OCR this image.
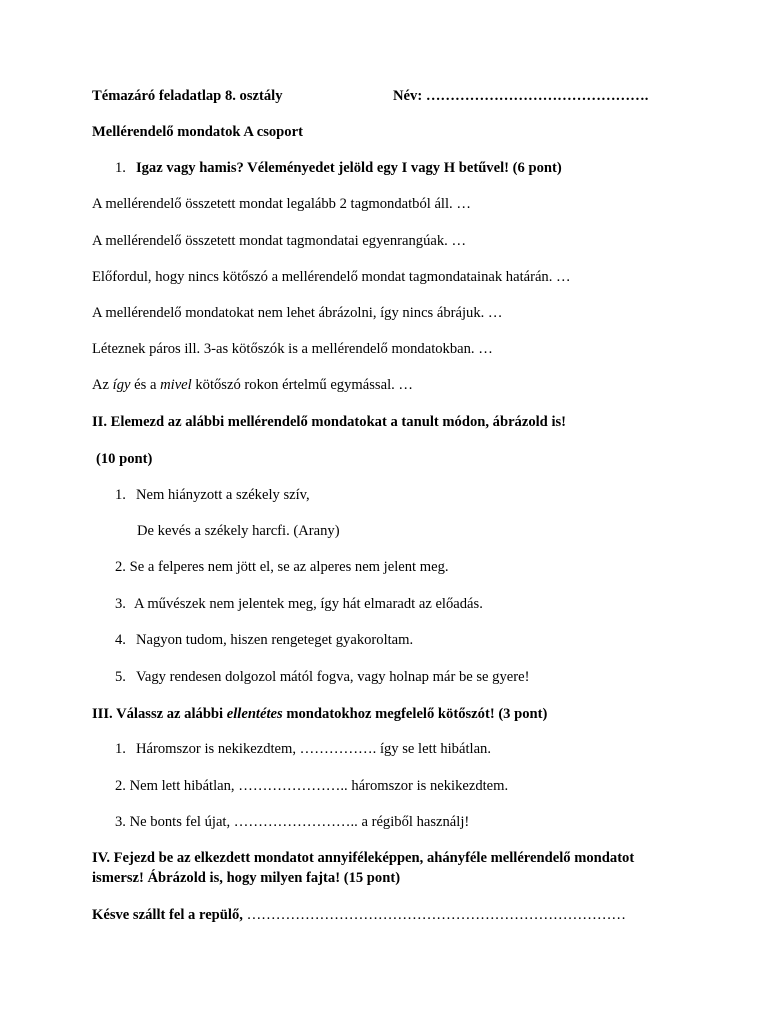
Témazáró feladatlap 8. osztály	Név: ……………………………………….
Mellérendelő mondatok A csoport
1. Igaz vagy hamis? Véleményedet jelöld egy I vagy H betűvel! (6 pont)
A mellérendelő összetett mondat legalább 2 tagmondatból áll. …
A mellérendelő összetett mondat tagmondatai egyenrangúak. …
Előfordul, hogy nincs kötőszó a mellérendelő mondat tagmondatainak határán. …
A mellérendelő mondatokat nem lehet ábrázolni, így nincs ábrájuk. …
Léteznek páros ill. 3-as kötőszók is a mellérendelő mondatokban. …
Az így és a mivel kötőszó rokon értelmű egymással. …
II. Elemezd az alábbi mellérendelő mondatokat a tanult módon, ábrázold is!
(10 pont)
1. Nem hiányzott a székely szív,
De kevés a székely harcfi. (Arany)
2. Se a felperes nem jött el, se az alperes nem jelent meg.
3. A művészek nem jelentek meg, így hát elmaradt az előadás.
4. Nagyon tudom, hiszen rengeteget gyakoroltam.
5. Vagy rendesen dolgozol mától fogva, vagy holnap már be se gyere!
III. Válassz az alábbi ellentétes mondatokhoz megfelelő kötőszót! (3 pont)
1. Háromszor is nekikezdtem, ……………. így se lett hibátlan.
2. Nem lett hibátlan, ………………….. háromszor is nekikezdtem.
3. Ne bonts fel újat, …………………….. a régiből használj!
IV. Fejezd be az elkezdett mondatot annyiféleképpen, ahányféle mellérendelő mondatot
ismersz! Ábrázold is, hogy milyen fajta! (15 pont)
Késve szállt fel a repülő, ……………………………………………………………………
